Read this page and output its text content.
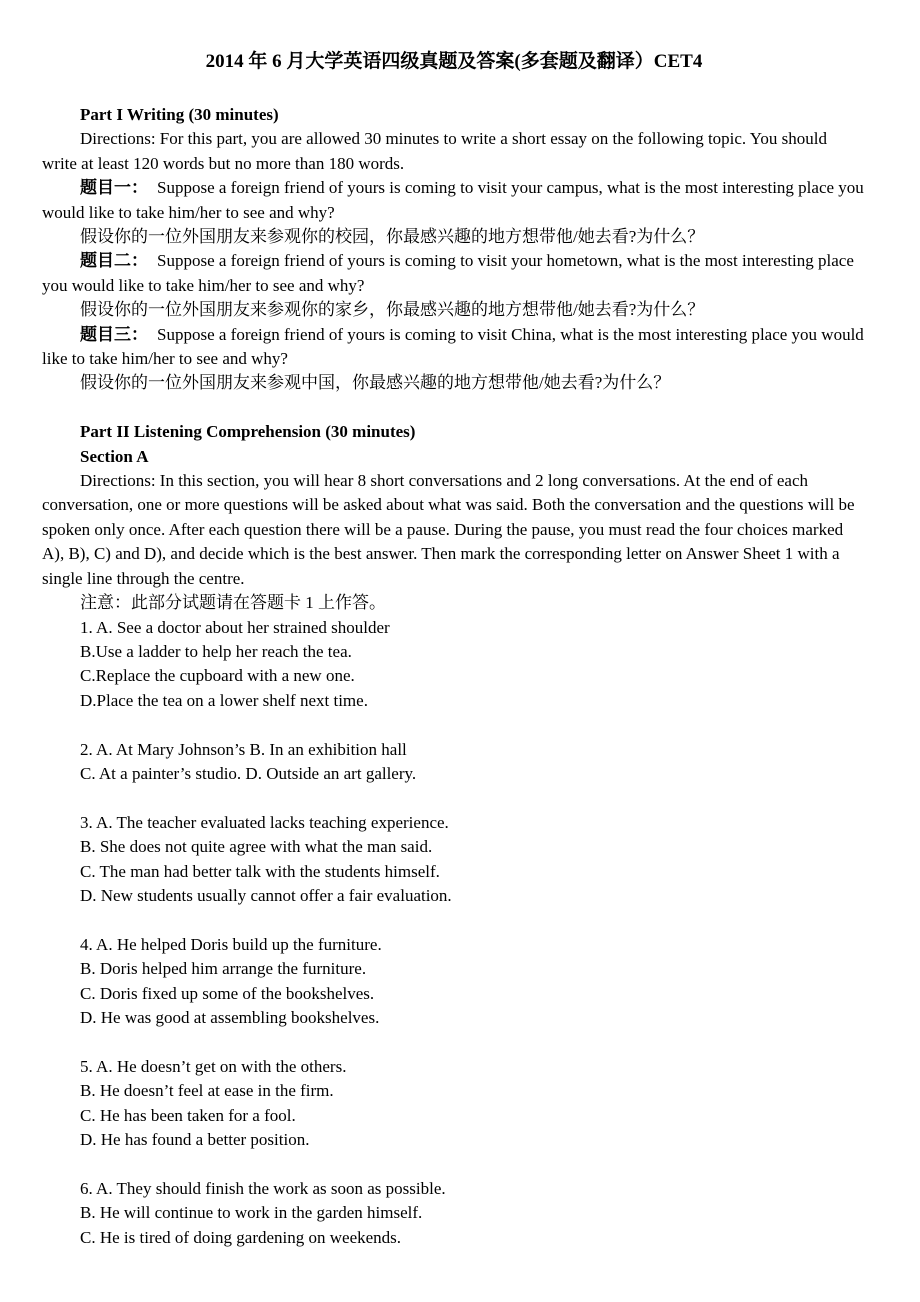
2014 年 6 月大学英语四级真题及答案(多套题及翻译）CET4

Part I Writing (30 minutes)

Directions: For this part, you are allowed 30 minutes to write a short essay on the following topic. You should write at least 120 words but no more than 180 words.

题目一： Suppose a foreign friend of yours is coming to visit your campus, what is the most interesting place you would like to take him/her to see and why?

假设你的一位外国朋友来参观你的校园，你最感兴趣的地方想带他/她去看?为什么？

题目二： Suppose a foreign friend of yours is coming to visit your hometown, what is the most interesting place you would like to take him/her to see and why?

假设你的一位外国朋友来参观你的家乡，你最感兴趣的地方想带他/她去看?为什么？

题目三： Suppose a foreign friend of yours is coming to visit China, what is the most interesting place you would like to take him/her to see and why?

假设你的一位外国朋友来参观中国，你最感兴趣的地方想带他/她去看?为什么？

Part II Listening Comprehension (30 minutes)

Section A

Directions: In this section, you will hear 8 short conversations and 2 long conversations. At the end of each conversation, one or more questions will be asked about what was said. Both the conversation and the questions will be spoken only once. After each question there will be a pause. During the pause, you must read the four choices marked A), B), C) and D), and decide which is the best answer. Then mark the corresponding letter on Answer Sheet 1 with a single line through the centre.

注意：此部分试题请在答题卡 1 上作答。

1. A. See a doctor about her strained shoulder
B.Use a ladder to help her reach the tea.
C.Replace the cupboard with a new one.
D.Place the tea on a lower shelf next time.
2. A. At Mary Johnson’s B. In an exhibition hall
C. At a painter’s studio. D. Outside an art gallery.
3. A. The teacher evaluated lacks teaching experience.
B. She does not quite agree with what the man said.
C. The man had better talk with the students himself.
D. New students usually cannot offer a fair evaluation.
4. A. He helped Doris build up the furniture.
B. Doris helped him arrange the furniture.
C. Doris fixed up some of the bookshelves.
D. He was good at assembling bookshelves.
5. A. He doesn’t get on with the others.
B. He doesn’t feel at ease in the firm.
C. He has been taken for a fool.
D. He has found a better position.
6. A. They should finish the work as soon as possible.
B. He will continue to work in the garden himself.
C. He is tired of doing gardening on weekends.
